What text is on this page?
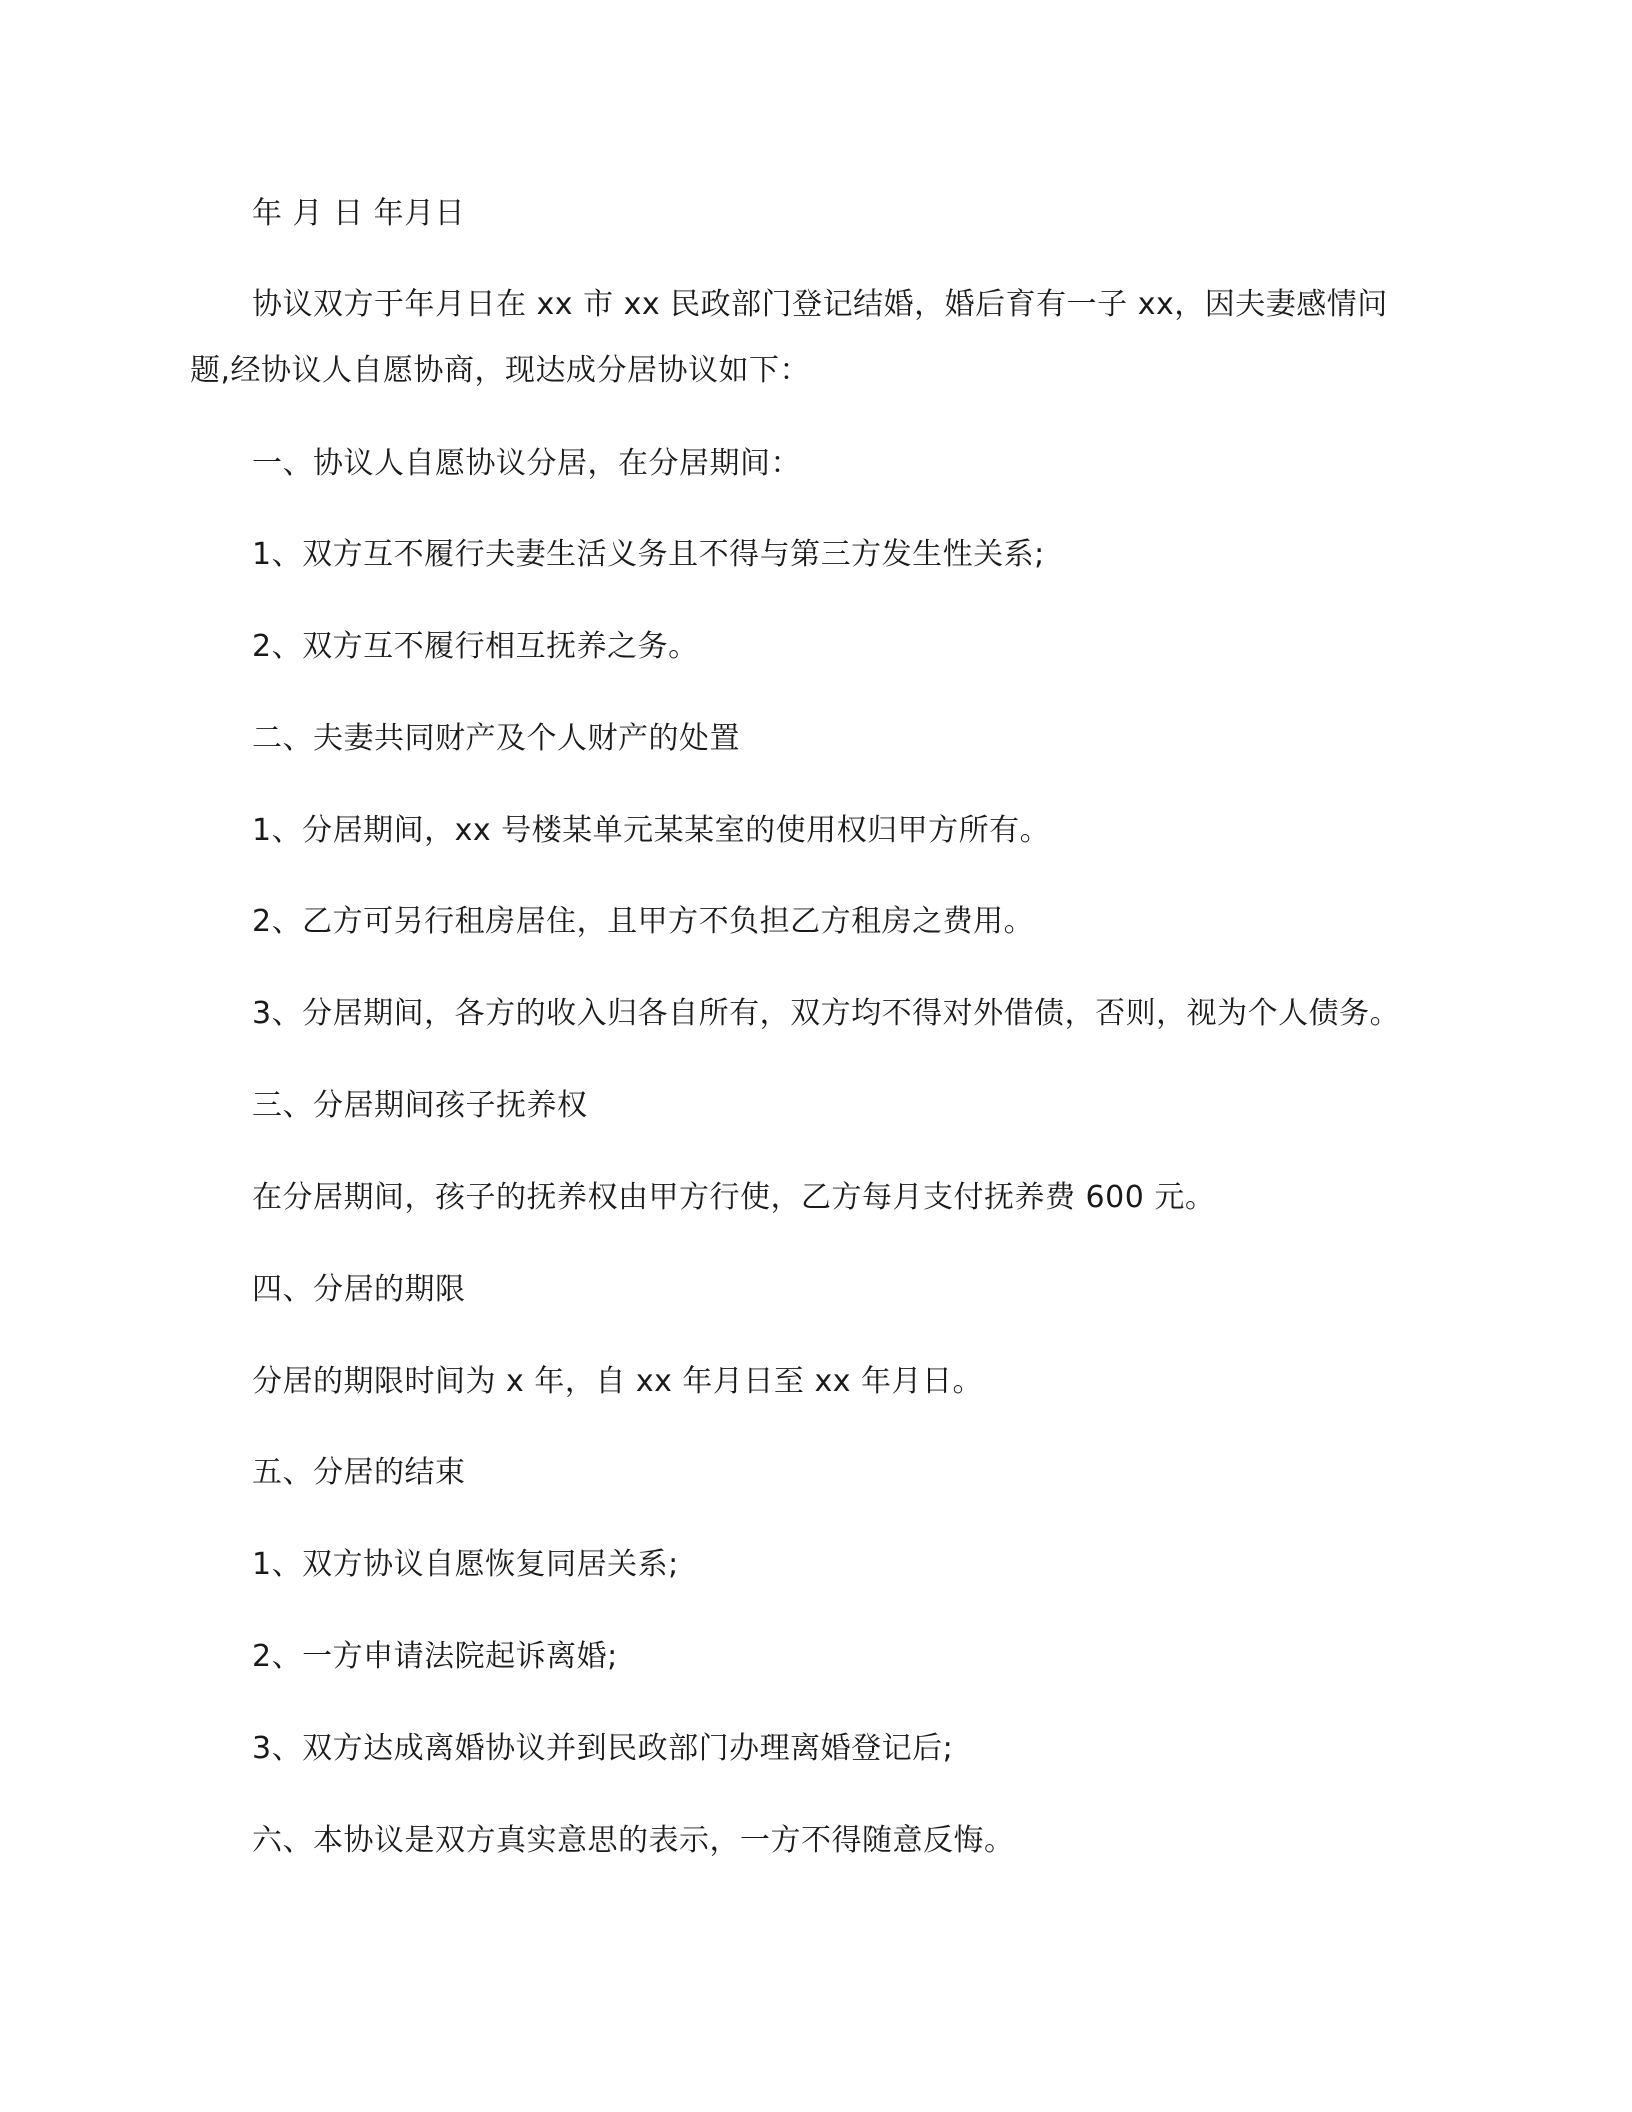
年 月 日 年月日
协议双方于年月日在 xx 市 xx 民政部门登记结婚，婚后育有一子 xx，因夫妻感情问
题,经协议人自愿协商，现达成分居协议如下：
一、协议人自愿协议分居，在分居期间：
1、双方互不履行夫妻生活义务且不得与第三方发生性关系;
2、双方互不履行相互抚养之务。
二、夫妻共同财产及个人财产的处置
1、分居期间，xx 号楼某单元某某室的使用权归甲方所有。
2、乙方可另行租房居住，且甲方不负担乙方租房之费用。
3、分居期间，各方的收入归各自所有，双方均不得对外借债，否则，视为个人债务。
三、分居期间孩子抚养权
在分居期间，孩子的抚养权由甲方行使，乙方每月支付抚养费 600 元。
四、分居的期限
分居的期限时间为 x 年，自 xx 年月日至 xx 年月日。
五、分居的结束
1、双方协议自愿恢复同居关系;
2、一方申请法院起诉离婚;
3、双方达成离婚协议并到民政部门办理离婚登记后;
六、本协议是双方真实意思的表示，一方不得随意反悔。
